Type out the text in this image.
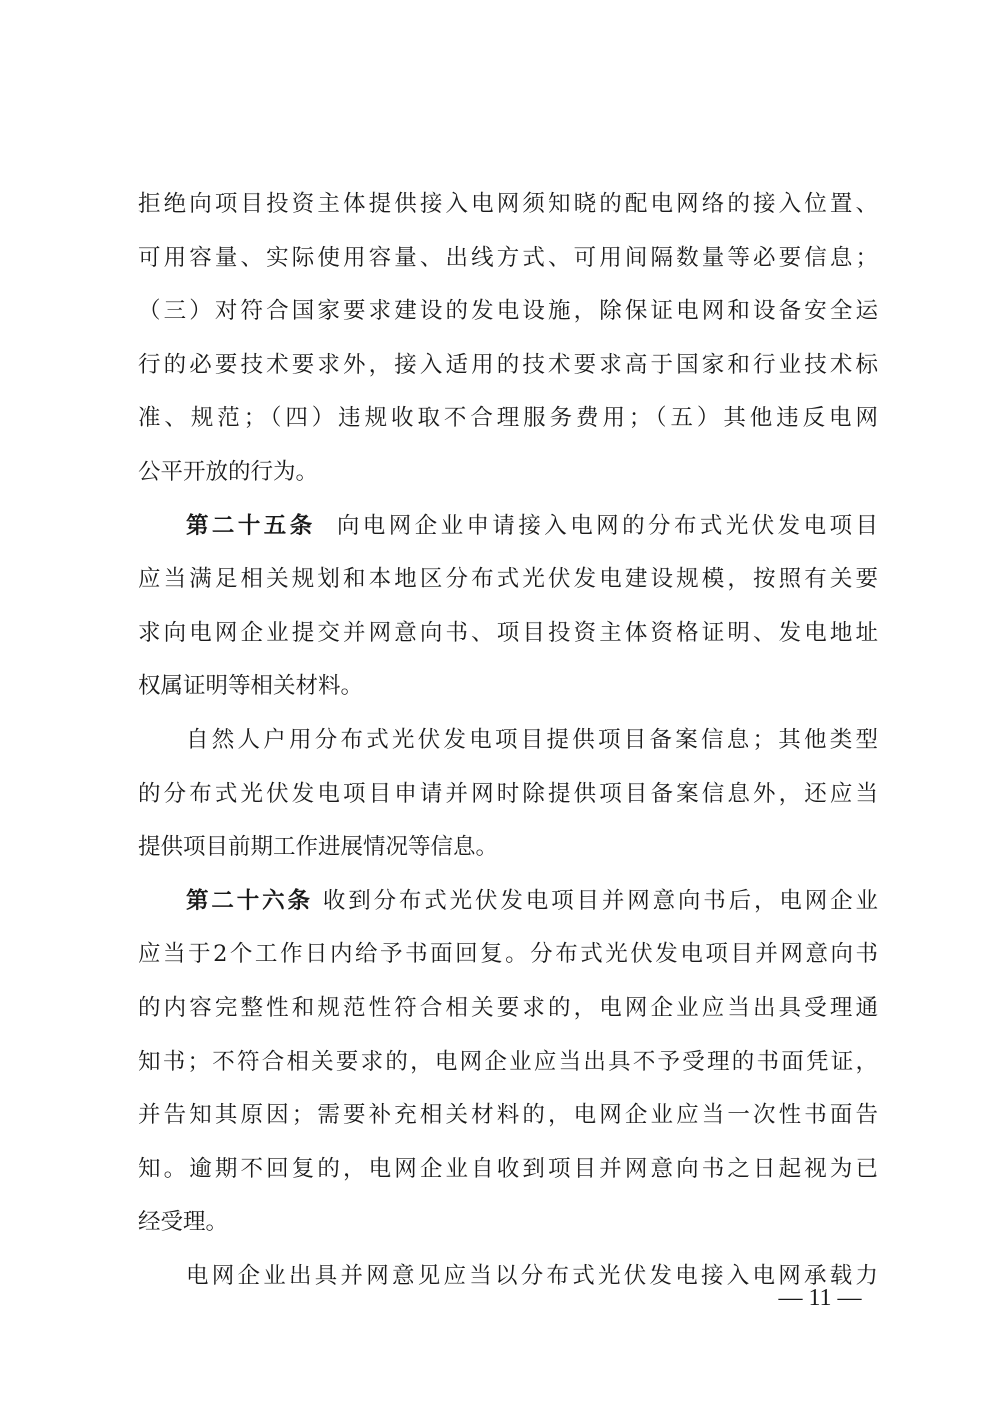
拒绝向项目投资主体提供接入电网须知晓的配电网络的接入位置、
可用容量、实际使用容量、出线方式、可用间隔数量等必要信息；
（三）对符合国家要求建设的发电设施，除保证电网和设备安全运
行的必要技术要求外，接入适用的技术要求高于国家和行业技术标
准、规范；（四）违规收取不合理服务费用；（五）其他违反电网
公平开放的行为。
第二十五条 向电网企业申请接入电网的分布式光伏发电项目
应当满足相关规划和本地区分布式光伏发电建设规模，按照有关要
求向电网企业提交并网意向书、项目投资主体资格证明、发电地址
权属证明等相关材料。
自然人户用分布式光伏发电项目提供项目备案信息；其他类型
的分布式光伏发电项目申请并网时除提供项目备案信息外，还应当
提供项目前期工作进展情况等信息。
第二十六条 收到分布式光伏发电项目并网意向书后，电网企业
应当于2个工作日内给予书面回复。分布式光伏发电项目并网意向书
的内容完整性和规范性符合相关要求的，电网企业应当出具受理通
知书；不符合相关要求的，电网企业应当出具不予受理的书面凭证，
并告知其原因；需要补充相关材料的，电网企业应当一次性书面告
知。逾期不回复的，电网企业自收到项目并网意向书之日起视为已
经受理。
电网企业出具并网意见应当以分布式光伏发电接入电网承载力
— 11 —
